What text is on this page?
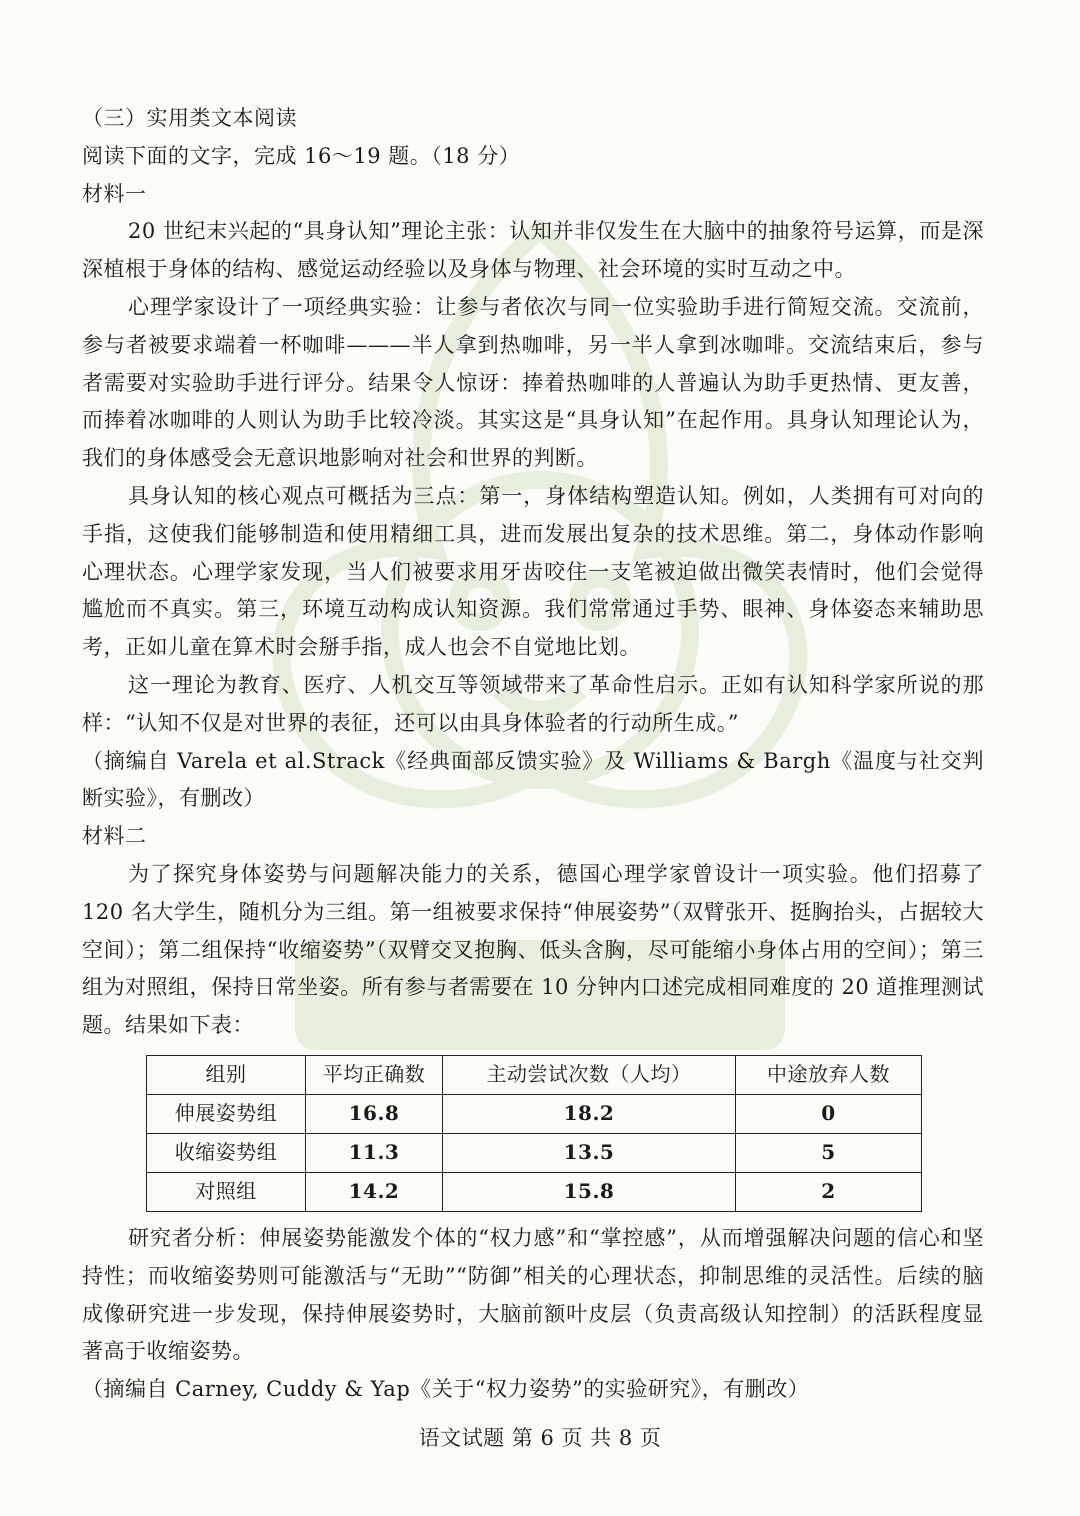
（三）实用类文本阅读

阅读下面的文字，完成 16～19 题。（18 分）

材料一

20 世纪末兴起的“具身认知”理论主张：认知并非仅发生在大脑中的抽象符号运算，而是深深植根于身体的结构、感觉运动经验以及身体与物理、社会环境的实时互动之中。

心理学家设计了一项经典实验：让参与者依次与同一位实验助手进行简短交流。交流前，参与者被要求端着一杯咖啡———半人拿到热咖啡，另一半人拿到冰咖啡。交流结束后，参与者需要对实验助手进行评分。结果令人惊讶：捧着热咖啡的人普遍认为助手更热情、更友善，而捧着冰咖啡的人则认为助手比较冷淡。其实这是“具身认知”在起作用。具身认知理论认为，我们的身体感受会无意识地影响对社会和世界的判断。

具身认知的核心观点可概括为三点：第一，身体结构塑造认知。例如，人类拥有可对向的手指，这使我们能够制造和使用精细工具，进而发展出复杂的技术思维。第二，身体动作影响心理状态。心理学家发现，当人们被要求用牙齿咬住一支笔被迫做出微笑表情时，他们会觉得尴尬而不真实。第三，环境互动构成认知资源。我们常常通过手势、眼神、身体姿态来辅助思考，正如儿童在算术时会掰手指，成人也会不自觉地比划。

这一理论为教育、医疗、人机交互等领域带来了革命性启示。正如有认知科学家所说的那样：“认知不仅是对世界的表征，还可以由具身体验者的行动所生成。”

（摘编自 Varela et al.Strack《经典面部反馈实验》及 Williams & Bargh《温度与社交判断实验》，有删改）

材料二

为了探究身体姿势与问题解决能力的关系，德国心理学家曾设计一项实验。他们招募了 120 名大学生，随机分为三组。第一组被要求保持“伸展姿势”（双臂张开、挺胸抬头，占据较大空间）；第二组保持“收缩姿势”（双臂交叉抱胸、低头含胸，尽可能缩小身体占用的空间）；第三组为对照组，保持日常坐姿。所有参与者需要在 10 分钟内口述完成相同难度的 20 道推理测试题。结果如下表：

组别	平均正确数	主动尝试次数（人均）	中途放弃人数
伸展姿势组	16.8	18.2	0
收缩姿势组	11.3	13.5	5
对照组	14.2	15.8	2

研究者分析：伸展姿势能激发个体的“权力感”和“掌控感”，从而增强解决问题的信心和坚持性；而收缩姿势则可能激活与“无助”“防御”相关的心理状态，抑制思维的灵活性。后续的脑成像研究进一步发现，保持伸展姿势时，大脑前额叶皮层（负责高级认知控制）的活跃程度显著高于收缩姿势。

（摘编自 Carney, Cuddy & Yap《关于“权力姿势”的实验研究》，有删改）

语文试题 第 6 页 共 8 页
